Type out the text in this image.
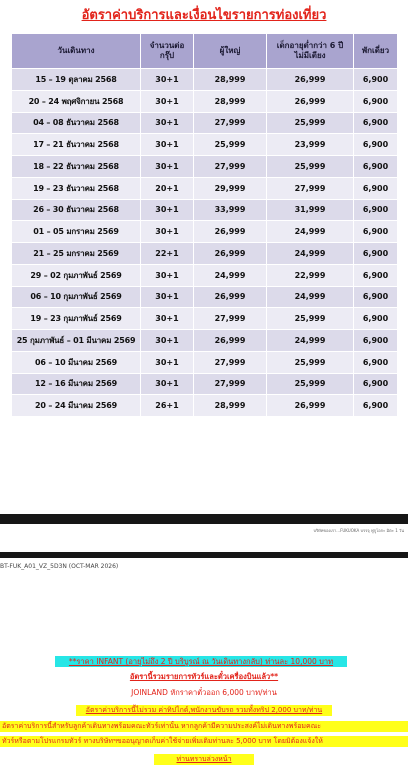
อัตราค่าบริการและเงื่อนไขรายการท่องเที่ยว
วันเดินทาง	จำนวนต่อกรุ๊ป	ผู้ใหญ่	เด็กอายุต่ำกว่า 6 ปี ไม่มีเตียง	พักเดี่ยว
15 – 19 ตุลาคม 2568	30+1	28,999	26,999	6,900
20 – 24 พฤศจิกายน 2568	30+1	28,999	26,999	6,900
04 – 08 ธันวาคม 2568	30+1	27,999	25,999	6,900
17 – 21 ธันวาคม 2568	30+1	25,999	23,999	6,900
18 – 22 ธันวาคม 2568	30+1	27,999	25,999	6,900
19 – 23 ธันวาคม 2568	20+1	29,999	27,999	6,900
26 – 30 ธันวาคม 2568	30+1	33,999	31,999	6,900
01 – 05 มกราคม 2569	30+1	26,999	24,999	6,900
21 – 25 มกราคม 2569	22+1	26,999	24,999	6,900
29 – 02 กุมภาพันธ์ 2569	30+1	24,999	22,999	6,900
06 – 10 กุมภาพันธ์ 2569	30+1	26,999	24,999	6,900
19 – 23 กุมภาพันธ์ 2569	30+1	27,999	25,999	6,900
25 กุมภาพันธ์ – 01 มีนาคม 2569	30+1	26,999	24,999	6,900
06 – 10 มีนาคม 2569	30+1	27,999	25,999	6,900
12 – 16 มีนาคม 2569	30+1	27,999	25,999	6,900
20 – 24 มีนาคม 2569	26+1	28,999	26,999	6,900
บริษัทของเรา...FUKUOKA บรรจุ ฟูกูโอกะ มิตะ 1 วัน
BT-FUK_A01_VZ_5D3N (OCT-MAR 2026)
**ราคา INFANT (อายุไม่ถึง 2 ปี บริบูรณ์ ณ วันเดินทางกลับ) ท่านละ 10,000 บาท
อัตรานี้รวมรายการทัวร์และตั๋วเครื่องบินแล้ว**
JOINLAND หักราคาตั๋วออก 6,000 บาท/ท่าน
อัตราค่าบริการนี้ไม่รวม ค่าทิปไกด์,พนักงานขับรถ รวมทั้งทริป 2,000 บาท/ท่าน
อัตราค่าบริการนี้สำหรับลูกค้าเดินทางพร้อมคณะทัวร์เท่านั้น หากลูกค้ามีความประสงค์ไม่เดินทางพร้อมคณะ
ทัวร์หรือตามโปรแกรมทัวร์ ทางบริษัทฯขออนุญาตเก็บค่าใช้จ่ายเพิ่มเติมท่านละ 5,000 บาท โดยมิต้องแจ้งให้
ท่านทราบล่วงหน้า
